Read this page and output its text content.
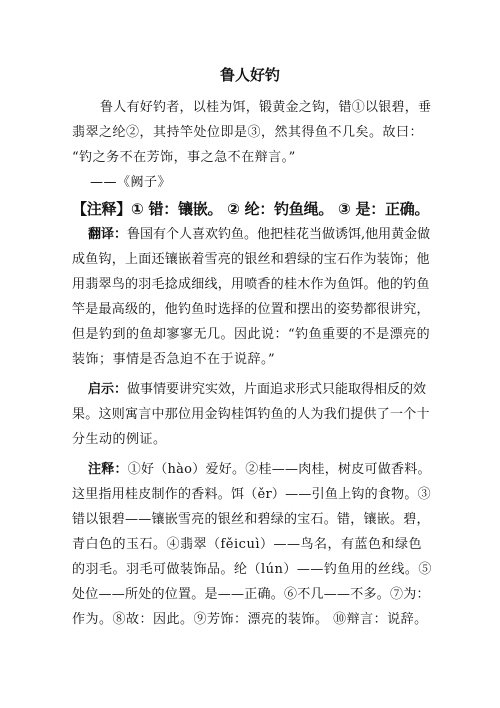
鲁人好钓
鲁人有好钓者，以桂为饵，锻黄金之钩，错①以银碧，垂
翡翠之纶②，其持竿处位即是③，然其得鱼不几矣。故曰：
“钓之务不在芳饰，事之急不在辩言。”
——《阙子》
【注释】① 错：镶嵌。 ② 纶：钓鱼绳。 ③ 是：正确。
翻译：鲁国有个人喜欢钓鱼。他把桂花当做诱饵,他用黄金做
成鱼钩，上面还镶嵌着雪亮的银丝和碧绿的宝石作为装饰；他
用翡翠鸟的羽毛捻成细线，用喷香的桂木作为鱼饵。他的钓鱼
竿是最高级的，他钓鱼时选择的位置和摆出的姿势都很讲究，
但是钓到的鱼却寥寥无几。因此说：“钓鱼重要的不是漂亮的
装饰；事情是否急迫不在于说辞。”
启示：做事情要讲究实效，片面追求形式只能取得相反的效
果。这则寓言中那位用金钩桂饵钓鱼的人为我们提供了一个十
分生动的例证。
注释：①好（hào）爱好。②桂——肉桂，树皮可做香料。
这里指用桂皮制作的香料。饵（ěr）——引鱼上钩的食物。③
错以银碧——镶嵌雪亮的银丝和碧绿的宝石。错，镶嵌。碧，
青白色的玉石。④翡翠（fěicuì）——鸟名，有蓝色和绿色
的羽毛。羽毛可做装饰品。纶（lún）——钓鱼用的丝线。⑤
处位——所处的位置。是——正确。⑥不几——不多。⑦为：
作为。⑧故：因此。⑨芳饰：漂亮的装饰。 ⑩辩言：说辞。
